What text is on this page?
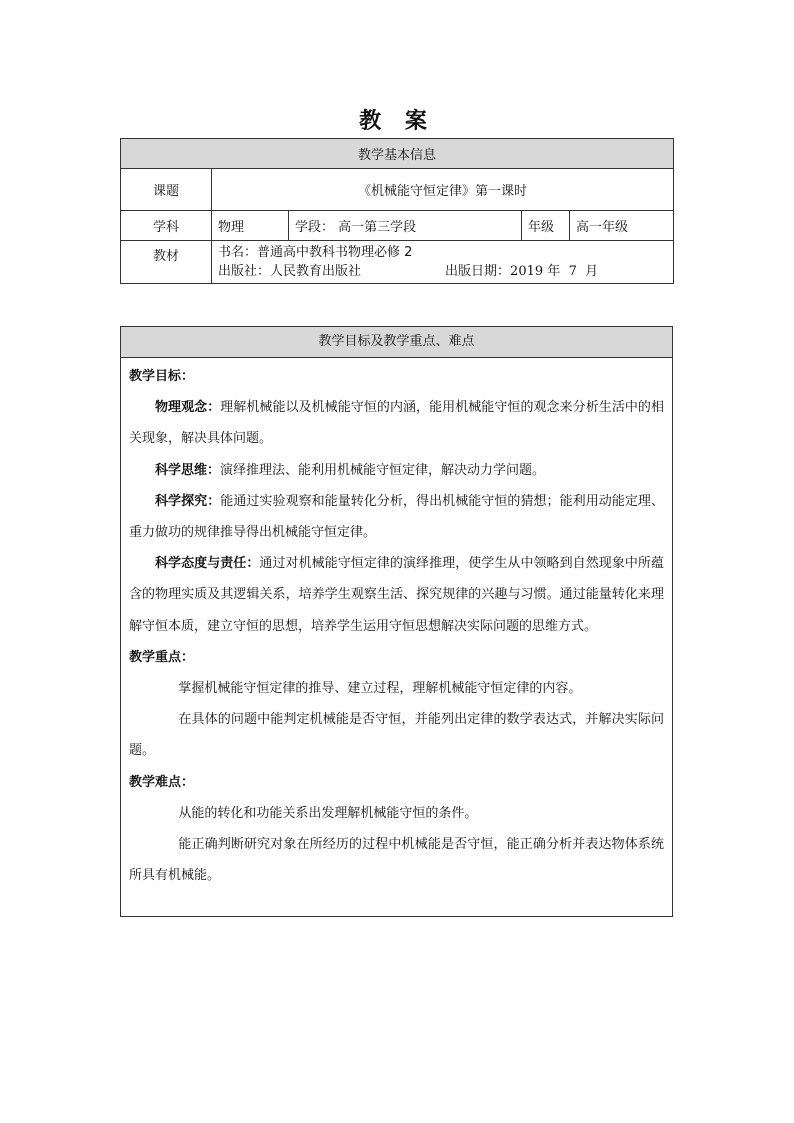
教 案
教学基本信息				
课题	《机械能守恒定律》第一课时			
学科	物理	学段： 高一第三学段	年级	高一年级
教材	书名：普通高中教科书物理必修 2
出版社：人民教育出版社 出版日期：2019 年 7 月			
教学目标及教学重点、难点

教学目标：

物理观念：理解机械能以及机械能守恒的内涵，能用机械能守恒的观念来分析生活中的相关现象，解决具体问题。

科学思维：演绎推理法、能利用机械能守恒定律，解决动力学问题。

科学探究：能通过实验观察和能量转化分析，得出机械能守恒的猜想；能利用动能定理、重力做功的规律推导得出机械能守恒定律。

科学态度与责任：通过对机械能守恒定律的演绎推理，使学生从中领略到自然现象中所蕴含的物理实质及其逻辑关系，培养学生观察生活、探究规律的兴趣与习惯。通过能量转化来理解守恒本质，建立守恒的思想，培养学生运用守恒思想解决实际问题的思维方式。

教学重点：

掌握机械能守恒定律的推导、建立过程，理解机械能守恒定律的内容。

在具体的问题中能判定机械能是否守恒，并能列出定律的数学表达式，并解决实际问题。

教学难点：

从能的转化和功能关系出发理解机械能守恒的条件。

能正确判断研究对象在所经历的过程中机械能是否守恒，能正确分析并表达物体系统所具有机械能。
